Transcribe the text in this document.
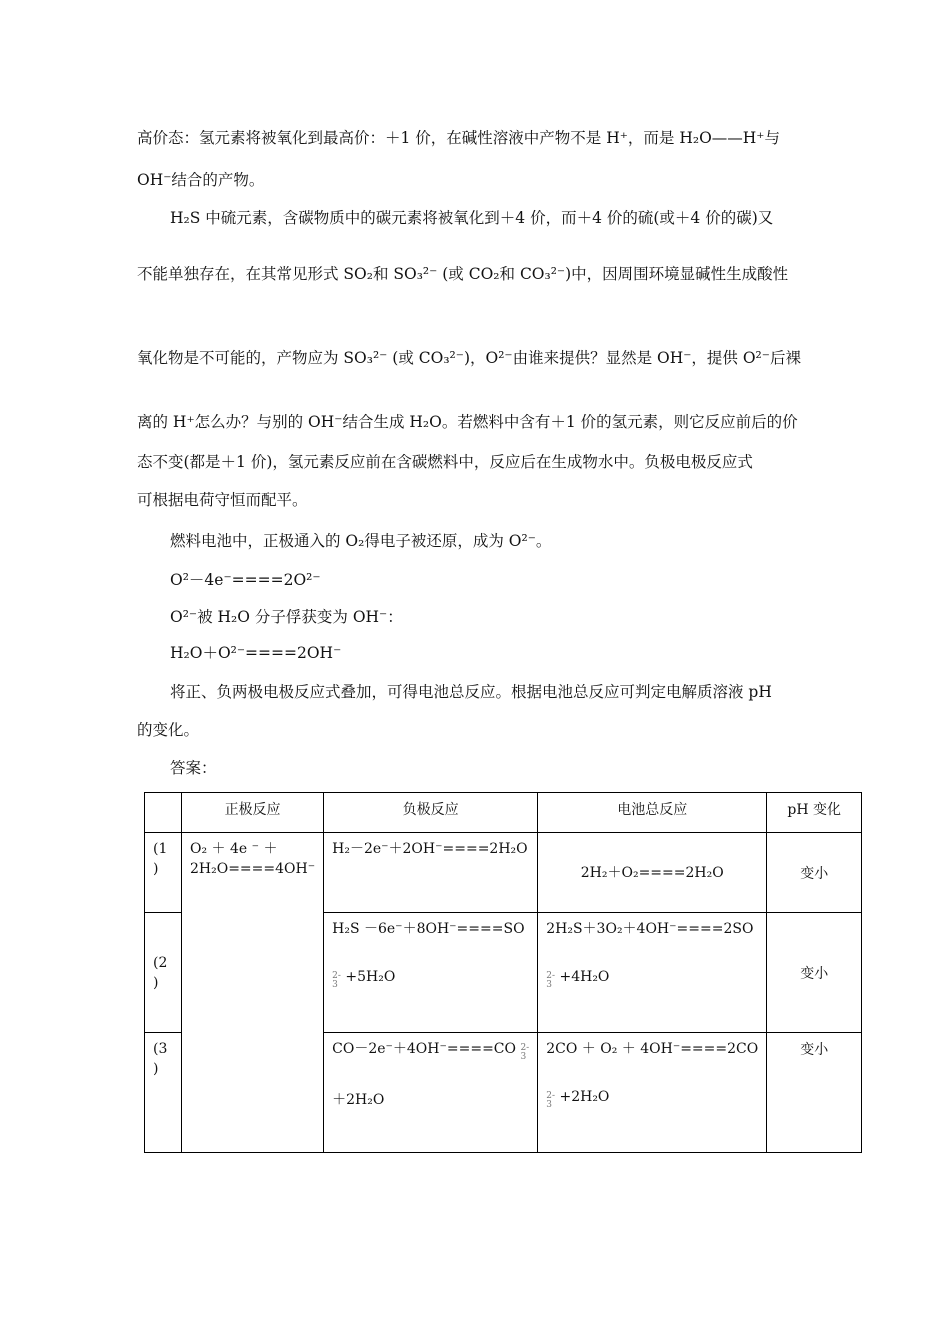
高价态：氢元素将被氧化到最高价：＋1 价，在碱性溶液中产物不是 H⁺，而是 H₂O——H⁺与
OH⁻结合的产物。
H₂S 中硫元素，含碳物质中的碳元素将被氧化到＋4 价，而＋4 价的硫(或＋4 价的碳)又
不能单独存在，在其常见形式 SO₂和 SO₃²⁻ (或 CO₂和 CO₃²⁻)中，因周围环境显碱性生成酸性
氧化物是不可能的，产物应为 SO₃²⁻ (或 CO₃²⁻)，O²⁻由谁来提供？显然是 OH⁻，提供 O²⁻后裸
离的 H⁺怎么办？与别的 OH⁻结合生成 H₂O。若燃料中含有＋1 价的氢元素，则它反应前后的价
态不变(都是＋1 价)，氢元素反应前在含碳燃料中，反应后在生成物水中。负极电极反应式
可根据电荷守恒而配平。
燃料电池中，正极通入的 O₂得电子被还原，成为 O²⁻。
O²－4e⁻====2O²⁻
O²⁻被 H₂O 分子俘获变为 OH⁻：
H₂O＋O²⁻====2OH⁻
将正、负两极电极反应式叠加，可得电池总反应。根据电池总反应可判定电解质溶液 pH
的变化。
答案：
	正极反应	负极反应	电池总反应	pH 变化

(1
)	O₂ ＋ 4e ⁻ ＋
2H₂O====4OH⁻	H₂－2e⁻＋2OH⁻====2H₂O	2H₂＋O₂====2H₂O	变小

(2
)		H₂S －6e⁻＋8OH⁻====SO
2-
3 +5H₂O	2H₂S＋3O₂＋4OH⁻====2SO
2-
3 +4H₂O	变小

(3
)		CO－2e⁻＋4OH⁻====CO 2-
3
＋2H₂O	2CO ＋ O₂ ＋ 4OH⁻====2CO
2-
3 +2H₂O	变小
